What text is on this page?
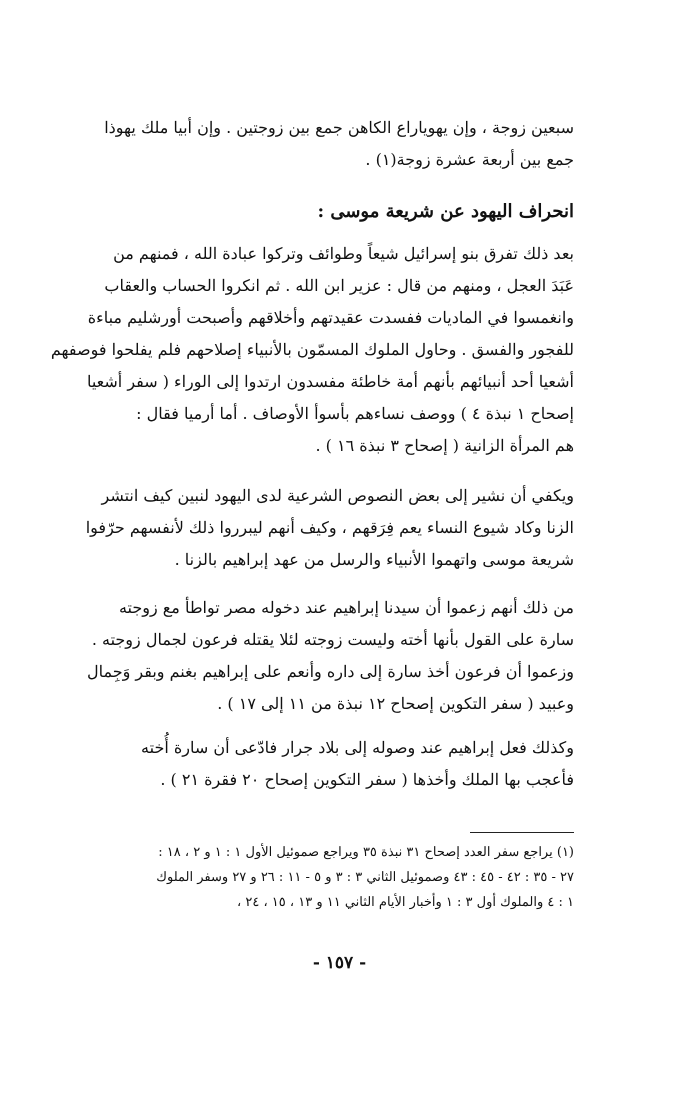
سبعين زوجة ، وإن يهوياراع الكاهن جمع بين زوجتين . وإن أبيا ملك يهوذا
جمع بين أربعة عشرة زوجة(١) .
انحراف اليهود عن شريعة موسى :
بعد ذلك تفرق بنو إسرائيل شيعاً وطوائف وتركوا عبادة الله ، فمنهم من
عَبَدَ العجل ، ومنهم من قال : عزير ابن الله . ثم انكروا الحساب والعقاب
وانغمسوا في الماديات ففسدت عقيدتهم وأخلاقهم وأصبحت أورشليم مباءة
للفجور والفسق . وحاول الملوك المسمّون بالأنبياء إصلاحهم فلم يفلحوا فوصفهم
أشعيا أحد أنبيائهم بأنهم أمة خاطئة مفسدون ارتدوا إلى الوراء ( سفر أشعيا
إصحاح ١ نبذة ٤ ) ووصف نساءهم بأسوأ الأوصاف . أما أرميا فقال :
هم المرأة الزانية ( إصحاح ٣ نبذة ١٦ ) .
ويكفي أن نشير إلى بعض النصوص الشرعية لدى اليهود لنبين كيف انتشر
الزنا وكاد شيوع النساء يعم فِرَقهم ، وكيف أنهم ليبرروا ذلك لأنفسهم حرّفوا
شريعة موسى واتهموا الأنبياء والرسل من عهد إبراهيم بالزنا .
من ذلك أنهم زعموا أن سيدنا إبراهيم عند دخوله مصر تواطأ مع زوجته
سارة على القول بأنها أخته وليست زوجته لئلا يقتله فرعون لجمال زوجته .
وزعموا أن فرعون أخذ سارة إلى داره وأنعم على إبراهيم بغنم وبقر وَجِمال
وعبيد ( سفر التكوين إصحاح ١٢ نبذة من ١١ إلى ١٧ ) .
وكذلك فعل إبراهيم عند وصوله إلى بلاد جرار فادّعى أن سارة أُخته
فأعجب بها الملك وأخذها ( سفر التكوين إصحاح ٢٠ فقرة ٢١ ) .
(١) يراجع سفر العدد إصحاح ٣١ نبذة ٣٥ ويراجع صموئيل الأول ١ : ١ و ٢ ، ١٨ :
٢٧ - ٣٥ : ٤٢ - ٤٥ : ٤٣ وصموئيل الثاني ٣ : ٣ و ٥ - ١١ : ٢٦ و ٢٧ وسفر الملوك
١ : ٤ والملوك أول ٣ : ١ وأخبار الأيام الثاني ١١ و ١٣ ، ١٥ ، ٢٤ ،
- ١٥٧ -
